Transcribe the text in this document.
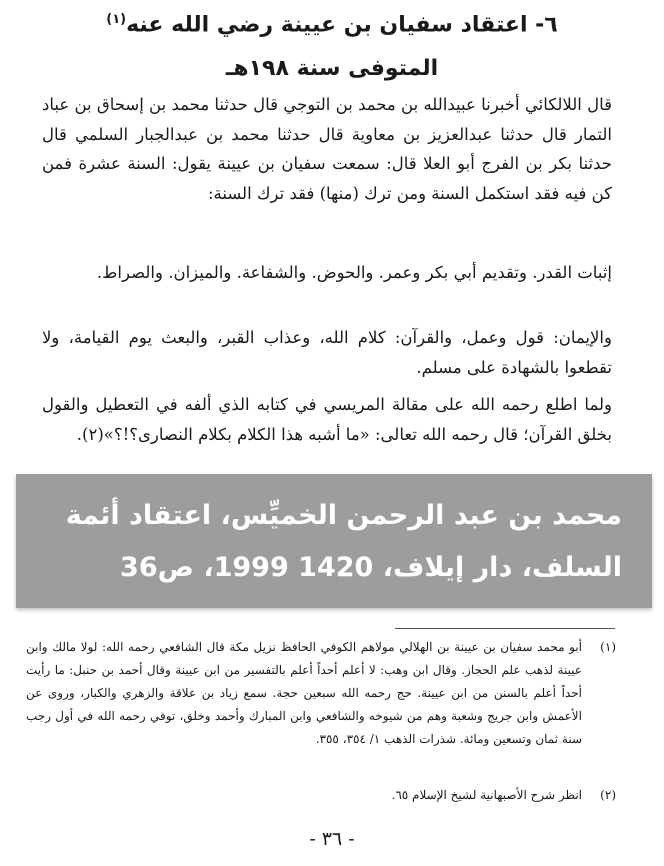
٦- اعتقاد سفيان بن عيينة رضي الله عنه$^{(١)}$
المتوفى سنة ١٩٨هـ

قال اللالكائي أخبرنا عبيدالله بن محمد بن التوجي قال حدثنا محمد بن إسحاق بن عباد التمار قال حدثنا عبدالعزيز بن معاوية قال حدثنا محمد بن عبدالجبار السلمي قال حدثنا بكر بن الفرج أبو العلا قال: سمعت سفيان بن عيينة يقول: السنة عشرة فمن كن فيه فقد استكمل السنة ومن ترك (منها) فقد ترك السنة:

إثبات القدر. وتقديم أبي بكر وعمر. والحوض. والشفاعة. والميزان. والصراط.

والإيمان: قول وعمل، والقرآن: كلام الله، وعذاب القبر، والبعث يوم القيامة، ولا تقطعوا بالشهادة على مسلم.

ولما اطلع رحمه الله على مقالة المريسي في كتابه الذي ألفه في التعطيل والقول بخلق القرآن؛ قال رحمه الله تعالى: «ما أشبه هذا الكلام بكلام النصارى؟!؟»(٢).

محمد بن عبد الرحمن الخميِّس، اعتقاد أئمة
السلف، دار إيلاف، 1420 1999، ص36
(١)
أبو محمد سفيان بن عيينة بن الهلالي مولاهم الكوفي الحافظ نزيل مكة قال الشافعي رحمه الله: لولا مالك وابن عيينة لذهب علم الحجاز. وقال ابن وهب: لا أعلم أحداً أعلم بالتفسير من ابن عيينة وقال أحمد بن حنبل: ما رأيت أحداً أعلم بالسنن من ابن عيينة. حج رحمه الله سبعين حجة. سمع زياد بن علاقة والزهري والكبار، وروى عن الأعمش وابن جريج وشعبة وهم من شيوخه والشافعي وابن المبارك وأحمد وخلق، توفي رحمه الله في أول رجب سنة ثمان وتسعين ومائة. شذرات الذهب ١/ ٣٥٤، ٣٥٥.
(٢)
انظر شرح الأصبهانية لشيخ الإسلام ٦٥.
- ٣٦ -
